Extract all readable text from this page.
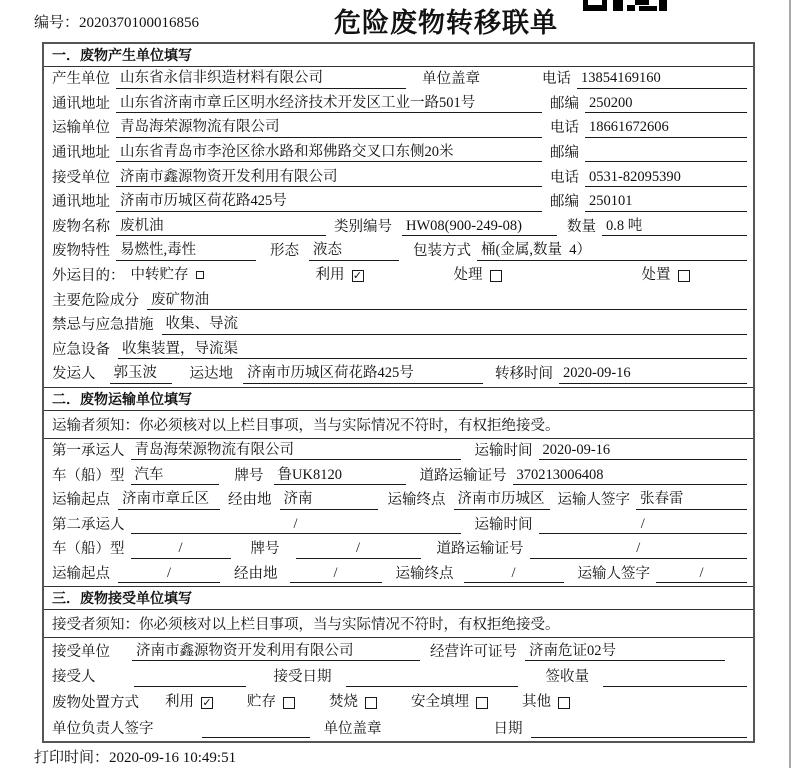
编号：2020370100016856	危险废物转移联单
一．废物产生单位填写
产生单位 山东省永信非织造材料有限公司	单位盖章	电话 13854169160
通讯地址 山东省济南市章丘区明水经济技术开发区工业一路501号	邮编 250200
运输单位 青岛海荣源物流有限公司	电话 18661672606
通讯地址 山东省青岛市李沧区徐水路和郑佛路交叉口东侧20米	邮编
接受单位 济南市鑫源物资开发利用有限公司	电话 0531-82095390
通讯地址 济南市历城区荷花路425号	邮编 250101
废物名称 废机油	类别编号 HW08(900-249-08)	数量 0.8 吨
废物特性 易燃性,毒性	形态 液态	包装方式 桶(金属,数量  4）
外运目的： 中转贮存	利用 ✓	处理	处置
主要危险成分 废矿物油
禁忌与应急措施 收集、导流
应急设备 收集装置，导流渠
发运人 郭玉波	运达地 济南市历城区荷花路425号	转移时间 2020-09-16
二．废物运输单位填写
运输者须知：你必须核对以上栏目事项，当与实际情况不符时，有权拒绝接受。
第一承运人 青岛海荣源物流有限公司	运输时间 2020-09-16
车（船）型 汽车	牌号 鲁UK8120	道路运输证号 370213006408
运输起点 济南市章丘区	经由地 济南	运输终点 济南市历城区 运输人签字 张春雷
第二承运人	/	运输时间	/
车（船）型	/	牌号	/	道路运输证号	/
运输起点	/	经由地	/	运输终点	/	运输人签字	/
三．废物接受单位填写
接受者须知：你必须核对以上栏目事项，当与实际情况不符时，有权拒绝接受。
接受单位 济南市鑫源物资开发利用有限公司	经营许可证号 济南危证02号
接受人	接受日期	签收量
废物处置方式 利用 ✓ 贮存	焚烧	安全填埋	其他
单位负责人签字	单位盖章	日期
打印时间：2020-09-16 10:49:51
